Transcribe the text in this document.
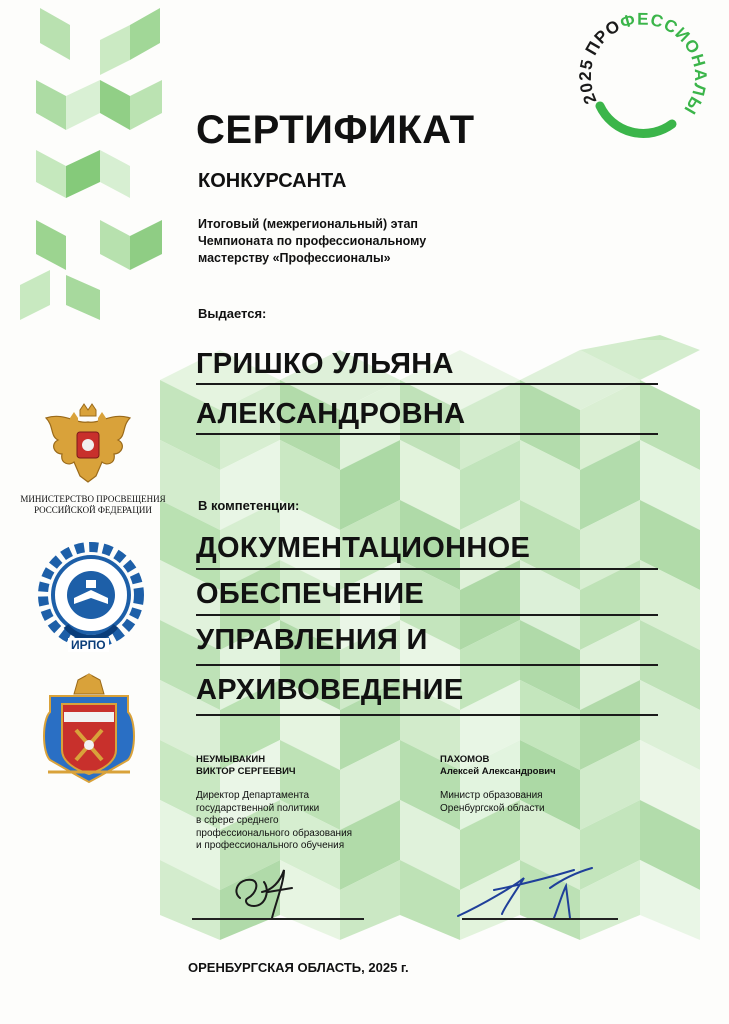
2025ПРОФЕССИОНАЛЫ
СЕРТИФИКАТ
КОНКУРСАНТА
Итоговый (межрегиональный) этап
Чемпионата по профессиональному
мастерству «Профессионалы»
Выдается:
ГРИШКО УЛЬЯНА
АЛЕКСАНДРОВНА
В компетенции:
ДОКУМЕНТАЦИОННОЕ
ОБЕСПЕЧЕНИЕ
УПРАВЛЕНИЯ И
АРХИВОВЕДЕНИЕ
МИНИСТЕРСТВО ПРОСВЕЩЕНИЯ
РОССИЙСКОЙ ФЕДЕРАЦИИ
ИРПО
НЕУМЫВАКИН
ВИКТОР СЕРГЕЕВИЧ
Директор Департамента
государственной политики
в сфере среднего
профессионального образования
и профессионального обучения
ПАХОМОВ
Алексей Александрович
Министр образования
Оренбургской области
ОРЕНБУРГСКАЯ ОБЛАСТЬ, 2025 г.
